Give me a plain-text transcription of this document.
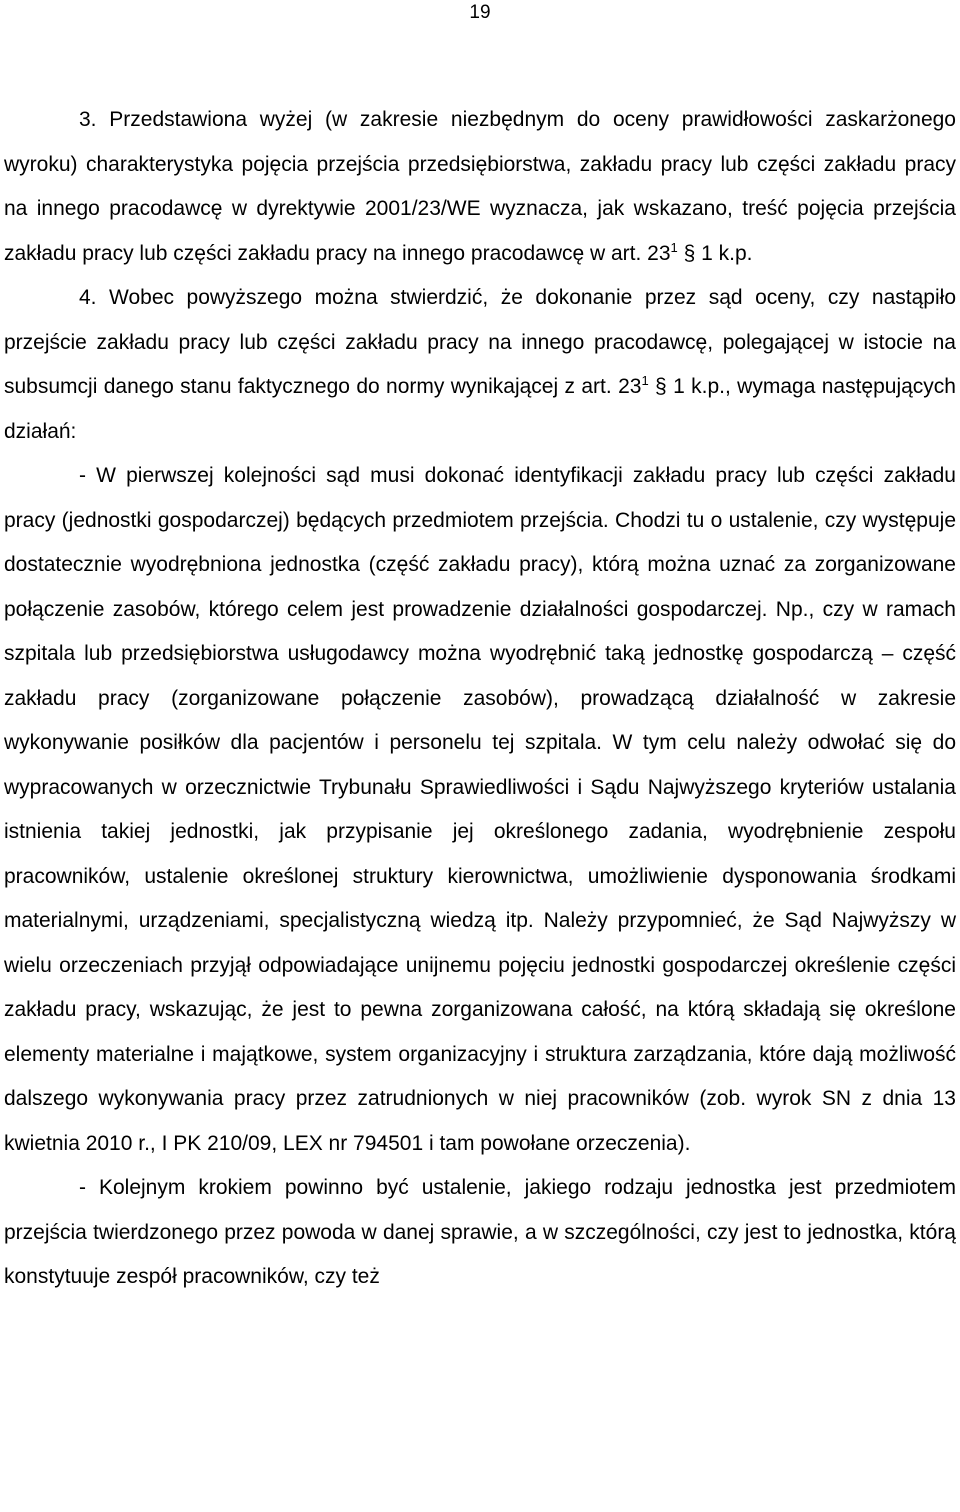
19

3. Przedstawiona wyżej (w zakresie niezbędnym do oceny prawidłowości zaskarżonego wyroku) charakterystyka pojęcia przejścia przedsiębiorstwa, zakładu pracy lub części zakładu pracy na innego pracodawcę w dyrektywie 2001/23/WE wyznacza, jak wskazano, treść pojęcia przejścia zakładu pracy lub części zakładu pracy na innego pracodawcę w art. $23^1$ § 1 k.p.

4. Wobec powyższego można stwierdzić, że dokonanie przez sąd oceny, czy nastąpiło przejście zakładu pracy lub części zakładu pracy na innego pracodawcę, polegającej w istocie na subsumcji danego stanu faktycznego do normy wynikającej z art. $23^1$ § 1 k.p., wymaga następujących działań:

- W pierwszej kolejności sąd musi dokonać identyfikacji zakładu pracy lub części zakładu pracy (jednostki gospodarczej) będących przedmiotem przejścia. Chodzi tu o ustalenie, czy występuje dostatecznie wyodrębniona jednostka (część zakładu pracy), którą można uznać za zorganizowane połączenie zasobów, którego celem jest prowadzenie działalności gospodarczej. Np., czy w ramach szpitala lub przedsiębiorstwa usługodawcy można wyodrębnić taką jednostkę gospodarczą – część zakładu pracy (zorganizowane połączenie zasobów), prowadzącą działalność w zakresie wykonywanie posiłków dla pacjentów i personelu tej szpitala. W tym celu należy odwołać się do wypracowanych w orzecznictwie Trybunału Sprawiedliwości i Sądu Najwyższego kryteriów ustalania istnienia takiej jednostki, jak przypisanie jej określonego zadania, wyodrębnienie zespołu pracowników, ustalenie określonej struktury kierownictwa, umożliwienie dysponowania środkami materialnymi, urządzeniami, specjalistyczną wiedzą itp. Należy przypomnieć, że Sąd Najwyższy w wielu orzeczeniach przyjął odpowiadające unijnemu pojęciu jednostki gospodarczej określenie części zakładu pracy, wskazując, że jest to pewna zorganizowana całość, na którą składają się określone elementy materialne i majątkowe, system organizacyjny i struktura zarządzania, które dają możliwość dalszego wykonywania pracy przez zatrudnionych w niej pracowników (zob. wyrok SN z dnia 13 kwietnia 2010 r., I PK 210/09, LEX nr 794501 i tam powołane orzeczenia).

- Kolejnym krokiem powinno być ustalenie, jakiego rodzaju jednostka jest przedmiotem przejścia twierdzonego przez powoda w danej sprawie, a w szczególności, czy jest to jednostka, którą konstytuuje zespół pracowników, czy też
